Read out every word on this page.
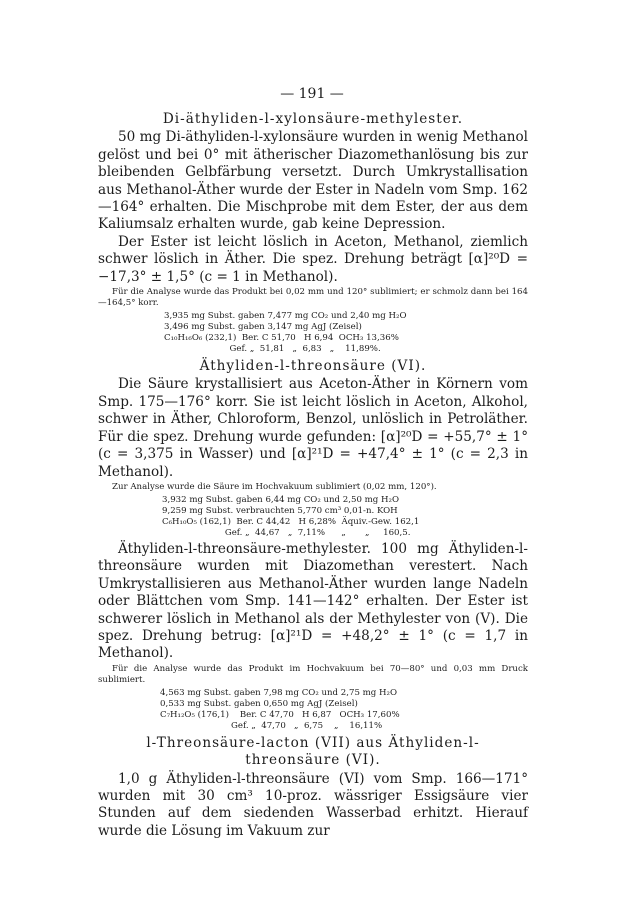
— 191 —
Di-äthyliden-l-xylonsäure-methylester.

50 mg Di-äthyliden-l-xylonsäure wurden in wenig Methanol gelöst und bei 0° mit ätherischer Diazomethanlösung bis zur bleibenden Gelbfärbung versetzt. Durch Umkrystallisation aus Methanol-Äther wurde der Ester in Nadeln vom Smp. 162—164° erhalten. Die Mischprobe mit dem Ester, der aus dem Kaliumsalz erhalten wurde, gab keine Depression.

Der Ester ist leicht löslich in Aceton, Methanol, ziemlich schwer löslich in Äther. Die spez. Drehung beträgt [α]²⁰D = −17,3° ± 1,5° (c = 1 in Methanol).

Für die Analyse wurde das Produkt bei 0,02 mm und 120° sublimiert; er schmolz dann bei 164—164,5° korr.

3,935 mg Subst. gaben 7,477 mg CO₂ und 2,40 mg H₂O
3,496 mg Subst. gaben 3,147 mg AgJ (Zeisel)
C₁₀H₁₆O₆ (232,1)  Ber. C 51,70   H 6,94  OCH₃ 13,36%
Gef. „  51,81   „  6,83   „    11,89%.
Äthyliden-l-threonsäure (VI).

Die Säure krystallisiert aus Aceton-Äther in Körnern vom Smp. 175—176° korr. Sie ist leicht löslich in Aceton, Alkohol, schwer in Äther, Chloroform, Benzol, unlöslich in Petroläther. Für die spez. Drehung wurde gefunden: [α]²⁰D = +55,7° ± 1° (c = 3,375 in Wasser) und [α]²¹D = +47,4° ± 1° (c = 2,3 in Methanol).

Zur Analyse wurde die Säure im Hochvakuum sublimiert (0,02 mm, 120°).

3,932 mg Subst. gaben 6,44 mg CO₂ und 2,50 mg H₂O
9,259 mg Subst. verbrauchten 5,770 cm³ 0,01-n. KOH
C₆H₁₀O₅ (162,1)  Ber. C 44,42   H 6,28%  Äquiv.-Gew. 162,1
Gef. „  44,67   „  7,11%      „       „     160,5.

Äthyliden-l-threonsäure-methylester. 100 mg Äthyliden-l-threonsäure wurden mit Diazomethan verestert. Nach Umkrystallisieren aus Methanol-Äther wurden lange Nadeln oder Blättchen vom Smp. 141—142° erhalten. Der Ester ist schwerer löslich in Methanol als der Methylester von (V). Die spez. Drehung betrug: [α]²¹D = +48,2° ± 1° (c = 1,7 in Methanol).

Für die Analyse wurde das Produkt im Hochvakuum bei 70—80° und 0,03 mm Druck sublimiert.

4,563 mg Subst. gaben 7,98 mg CO₂ und 2,75 mg H₂O
0,533 mg Subst. gaben 0,650 mg AgJ (Zeisel)
C₇H₁₂O₅ (176,1)    Ber. C 47,70   H 6,87   OCH₃ 17,60%
Gef. „  47,70   „  6,75    „    16,11%
l-Threonsäure-lacton (VII) aus Äthyliden-l-threonsäure (VI).

1,0 g Äthyliden-l-threonsäure (VI) vom Smp. 166—171° wurden mit 30 cm³ 10-proz. wässriger Essigsäure vier Stunden auf dem siedenden Wasserbad erhitzt. Hierauf wurde die Lösung im Vakuum zur
